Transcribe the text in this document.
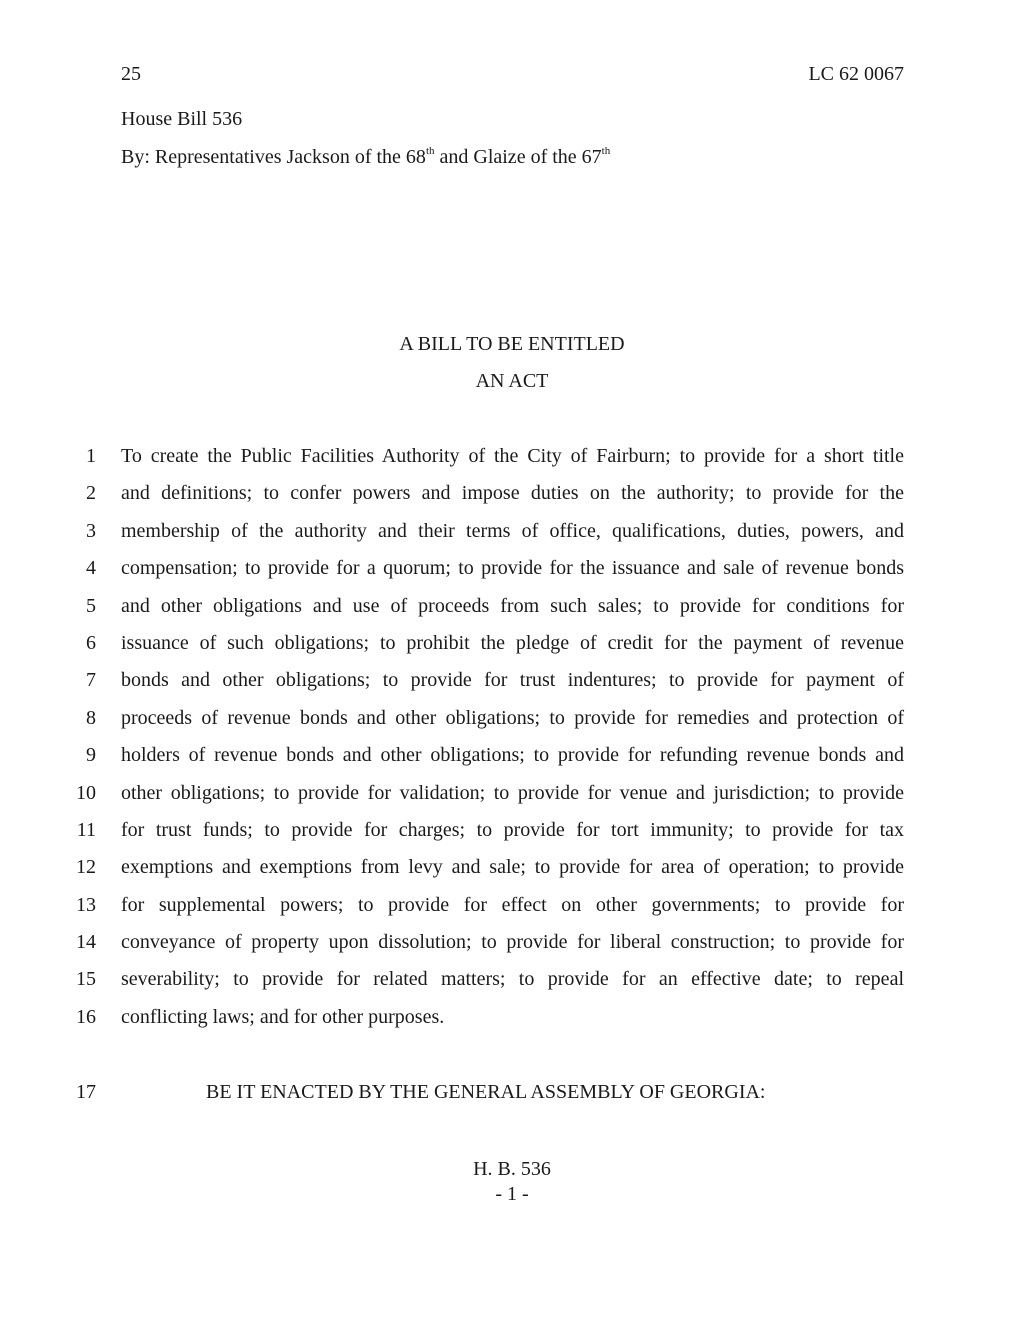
25	LC 62 0067
House Bill 536
By: Representatives Jackson of the 68th and Glaize of the 67th
A BILL TO BE ENTITLED
AN ACT
1 To create the Public Facilities Authority of the City of Fairburn; to provide for a short title
2 and definitions; to confer powers and impose duties on the authority; to provide for the
3 membership of the authority and their terms of office, qualifications, duties, powers, and
4 compensation; to provide for a quorum; to provide for the issuance and sale of revenue bonds
5 and other obligations and use of proceeds from such sales; to provide for conditions for
6 issuance of such obligations; to prohibit the pledge of credit for the payment of revenue
7 bonds and other obligations; to provide for trust indentures; to provide for payment of
8 proceeds of revenue bonds and other obligations; to provide for remedies and protection of
9 holders of revenue bonds and other obligations; to provide for refunding revenue bonds and
10 other obligations; to provide for validation; to provide for venue and jurisdiction; to provide
11 for trust funds; to provide for charges; to provide for tort immunity; to provide for tax
12 exemptions and exemptions from levy and sale; to provide for area of operation; to provide
13 for supplemental powers; to provide for effect on other governments; to provide for
14 conveyance of property upon dissolution; to provide for liberal construction; to provide for
15 severability; to provide for related matters; to provide for an effective date; to repeal
16 conflicting laws; and for other purposes.
17	BE IT ENACTED BY THE GENERAL ASSEMBLY OF GEORGIA:
H. B. 536
- 1 -
